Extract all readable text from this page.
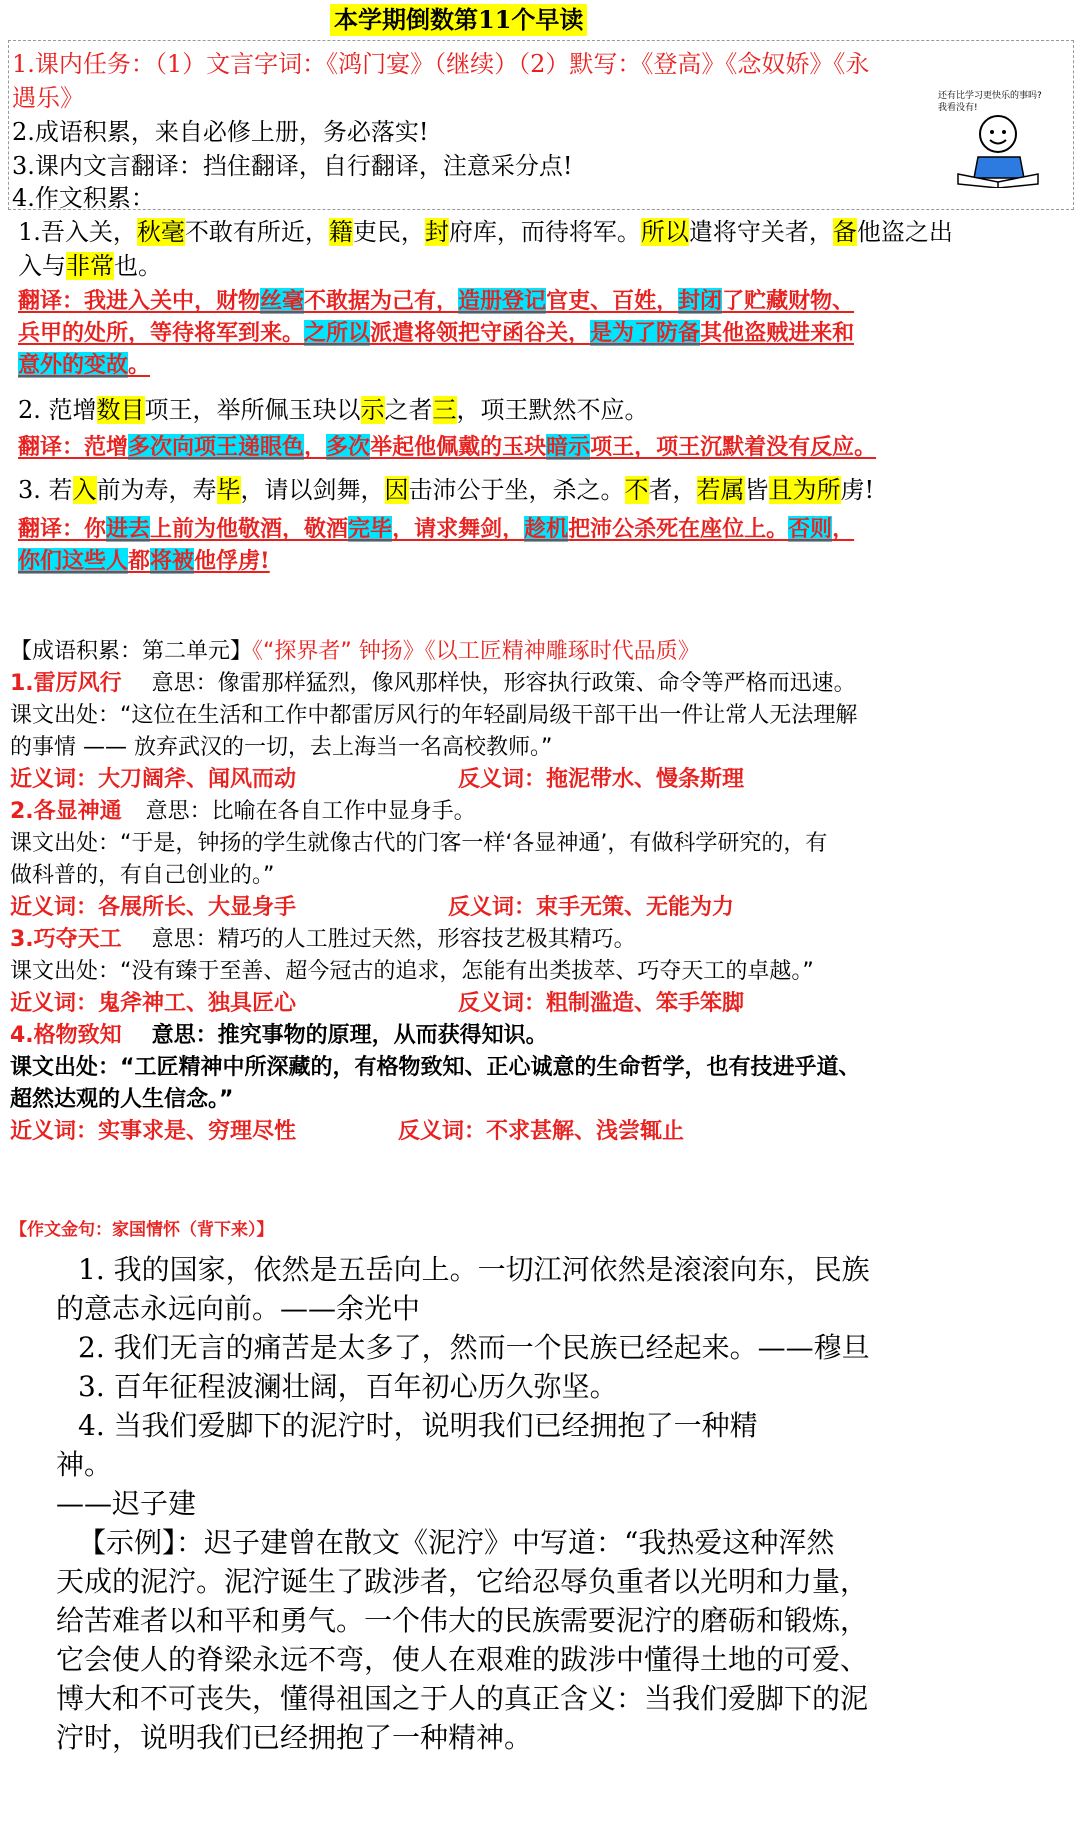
本学期倒数第11个早读
1.课内任务：（1）文言字词：《鸿门宴》（继续）（2）默写：《登高》《念奴娇》《永
遇乐》
2.成语积累，来自必修上册，务必落实!
3.课内文言翻译：挡住翻译，自行翻译，注意采分点!
4.作文积累：
还有比学习更快乐的事吗?
我看没有!
1.吾入关，秋毫不敢有所近，籍吏民，封府库，而待将军。所以遣将守关者，备他盗之出
入与非常也。
翻译：我进入关中，财物丝毫不敢据为己有，造册登记官吏、百姓，封闭了贮藏财物、
兵甲的处所，等待将军到来。之所以派遣将领把守函谷关，是为了防备其他盗贼进来和
意外的变故。
2. 范增数目项王，举所佩玉玦以示之者三，项王默然不应。
翻译：范增多次向项王递眼色，多次举起他佩戴的玉玦暗示项王，项王沉默着没有反应。
3. 若入前为寿，寿毕，请以剑舞，因击沛公于坐，杀之。不者，若属皆且为所虏!
翻译：你进去上前为他敬酒，敬酒完毕，请求舞剑，趁机把沛公杀死在座位上。否则，
你们这些人都将被他俘虏!
【成语积累：第二单元】《“探界者” 钟扬》《以工匠精神雕琢时代品质》
1.雷厉风行 意思：像雷那样猛烈，像风那样快，形容执行政策、命令等严格而迅速。
课文出处：“这位在生活和工作中都雷厉风行的年轻副局级干部干出一件让常人无法理解
的事情 —— 放弃武汉的一切，去上海当一名高校教师。”
近义词：大刀阔斧、闻风而动	反义词：拖泥带水、慢条斯理
2.各显神通 意思：比喻在各自工作中显身手。
课文出处：“于是，钟扬的学生就像古代的门客一样‘各显神通’，有做科学研究的，有
做科普的，有自己创业的。”
近义词：各展所长、大显身手	反义词：束手无策、无能为力
3.巧夺天工 意思：精巧的人工胜过天然，形容技艺极其精巧。
课文出处：“没有臻于至善、超今冠古的追求，怎能有出类拔萃、巧夺天工的卓越。”
近义词：鬼斧神工、独具匠心	反义词：粗制滥造、笨手笨脚
4.格物致知 意思：推究事物的原理，从而获得知识。
课文出处：“工匠精神中所深藏的，有格物致知、正心诚意的生命哲学，也有技进乎道、
超然达观的人生信念。”
近义词：实事求是、穷理尽性	反义词：不求甚解、浅尝辄止
【作文金句：家国情怀（背下来）】
1. 我的国家，依然是五岳向上。一切江河依然是滚滚向东，民族
的意志永远向前。——余光中
2. 我们无言的痛苦是太多了，然而一个民族已经起来。——穆旦
3. 百年征程波澜壮阔，百年初心历久弥坚。
4. 当我们爱脚下的泥泞时，说明我们已经拥抱了一种精
神。
——迟子建
【示例】：迟子建曾在散文《泥泞》中写道：“我热爱这种浑然
天成的泥泞。泥泞诞生了跋涉者，它给忍辱负重者以光明和力量，
给苦难者以和平和勇气。一个伟大的民族需要泥泞的磨砺和锻炼，
它会使人的脊梁永远不弯，使人在艰难的跋涉中懂得土地的可爱、
博大和不可丧失，懂得祖国之于人的真正含义：当我们爱脚下的泥
泞时，说明我们已经拥抱了一种精神。
